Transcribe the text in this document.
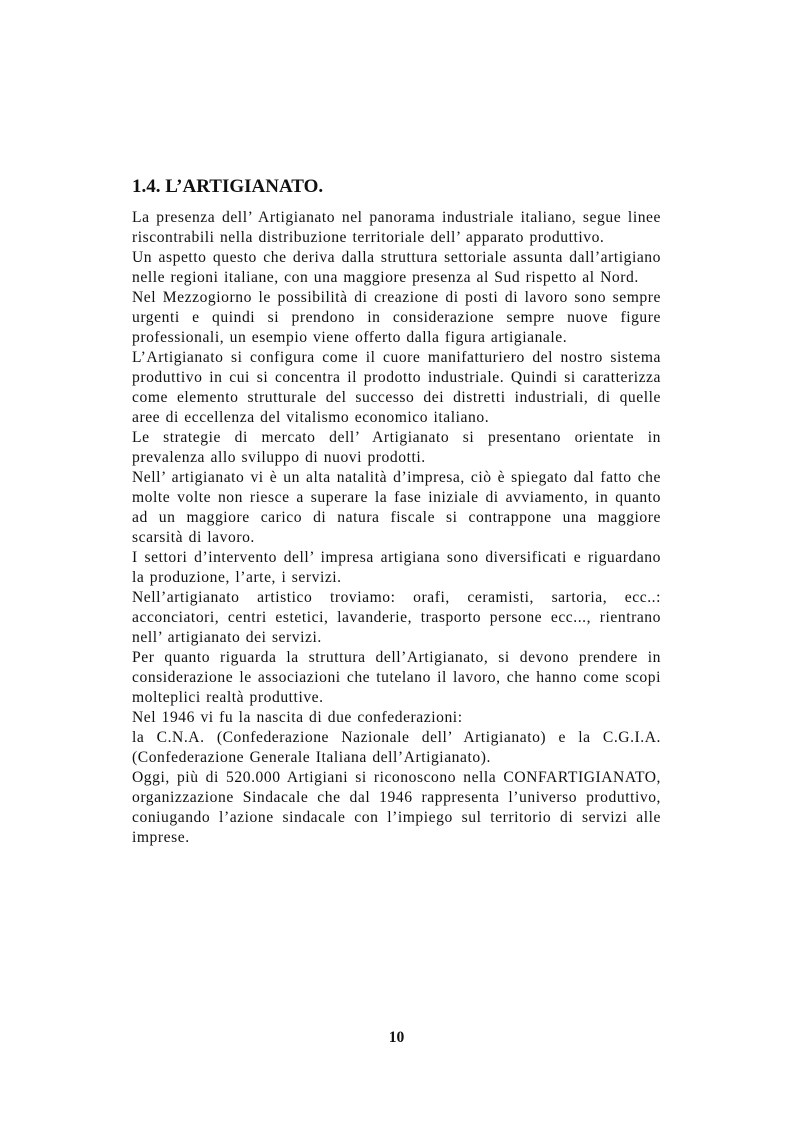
1.4. L’ARTIGIANATO.

La presenza dell’ Artigianato nel panorama industriale italiano, segue linee riscontrabili nella distribuzione territoriale dell’ apparato produttivo.

Un aspetto questo che deriva dalla struttura settoriale assunta dall’artigiano nelle regioni italiane, con una maggiore presenza al Sud rispetto al Nord.

Nel Mezzogiorno le possibilità di creazione di posti di lavoro sono sempre urgenti e quindi si prendono in considerazione sempre nuove figure professionali, un esempio viene offerto dalla figura artigianale.

L’Artigianato si configura come il cuore manifatturiero del nostro sistema produttivo in cui si concentra il prodotto industriale. Quindi si caratterizza come elemento strutturale del successo dei distretti industriali, di quelle aree di eccellenza del vitalismo economico italiano.

Le strategie di mercato dell’ Artigianato si presentano orientate in prevalenza allo sviluppo di nuovi prodotti.

Nell’ artigianato vi è un alta natalità d’impresa, ciò è spiegato dal fatto che molte volte non riesce a superare la fase iniziale di avviamento, in quanto ad un maggiore carico di natura fiscale si contrappone una maggiore scarsità di lavoro.

I settori d’intervento dell’ impresa artigiana sono diversificati e riguardano la produzione, l’arte, i servizi.

Nell’artigianato artistico troviamo: orafi, ceramisti, sartoria, ecc..: acconciatori, centri estetici, lavanderie, trasporto persone ecc..., rientrano nell’ artigianato dei servizi.

Per quanto riguarda la struttura dell’Artigianato, si devono prendere in considerazione le associazioni che tutelano il lavoro, che hanno come scopi molteplici realtà produttive.

Nel 1946 vi fu la nascita di due confederazioni:

la C.N.A. (Confederazione Nazionale dell’ Artigianato) e la C.G.I.A. (Confederazione Generale Italiana dell’Artigianato).

Oggi, più di 520.000 Artigiani si riconoscono nella CONFARTIGIANATO, organizzazione Sindacale che dal 1946 rappresenta l’universo produttivo, coniugando l’azione sindacale con l’impiego sul territorio di servizi alle imprese.

10
